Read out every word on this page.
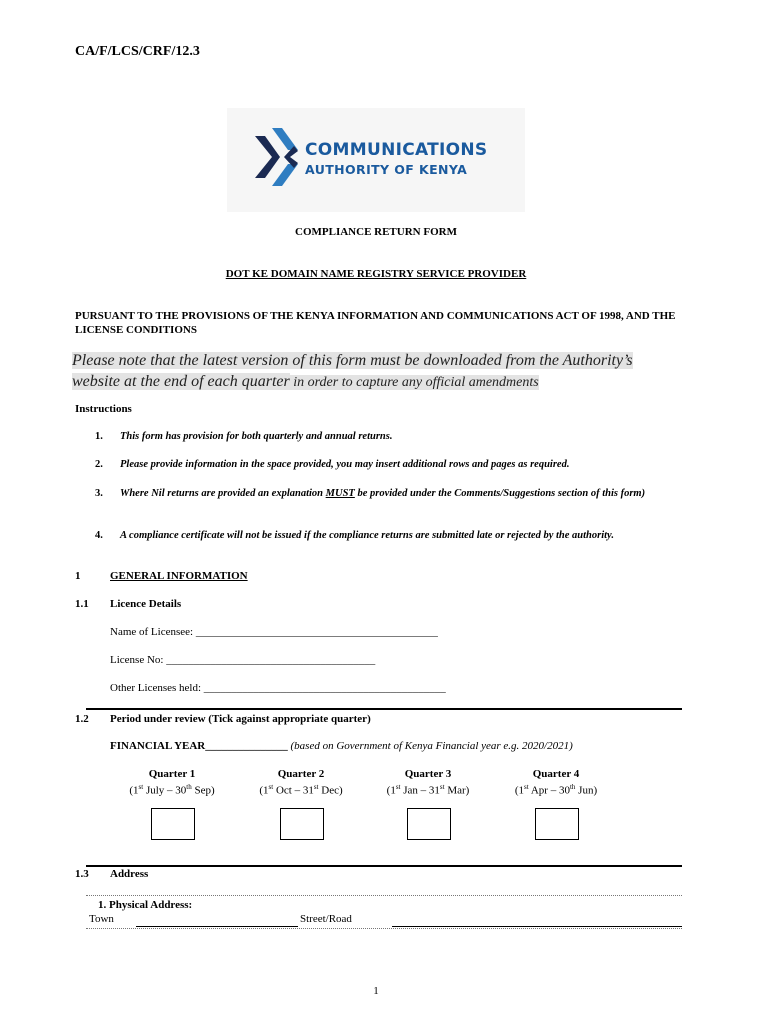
CA/F/LCS/CRF/12.3
COMMUNICATIONS
AUTHORITY OF KENYA
COMPLIANCE RETURN FORM
DOT KE DOMAIN NAME REGISTRY SERVICE PROVIDER
PURSUANT TO THE PROVISIONS OF THE KENYA INFORMATION AND COMMUNICATIONS ACT OF 1998, AND THE LICENSE CONDITIONS
Please note that the latest version of this form must be downloaded from the Authority’s website at the end of each quarter in order to capture any official amendments
Instructions
1. This form has provision for both quarterly and annual returns.
2. Please provide information in the space provided, you may insert additional rows and pages as required.
3. Where Nil returns are provided an explanation MUST be provided under the Comments/Suggestions section of this form)
4. A compliance certificate will not be issued if the compliance returns are submitted late or rejected by the authority.
1	GENERAL INFORMATION
1.1 Licence Details
Name of Licensee: ____________________________________________
License No: ______________________________________
Other Licenses held: ____________________________________________
1.2 Period under review (Tick against appropriate quarter)
FINANCIAL YEAR_______________ (based on Government of Kenya Financial year e.g. 2020/2021)
Quarter 1
(1st July – 30th Sep)
Quarter 2
(1st Oct – 31st Dec)
Quarter 3
(1st Jan – 31st Mar)
Quarter 4
(1st Apr – 30th Jun)
1.3 Address
1. Physical Address:
Town	Street/Road
1
